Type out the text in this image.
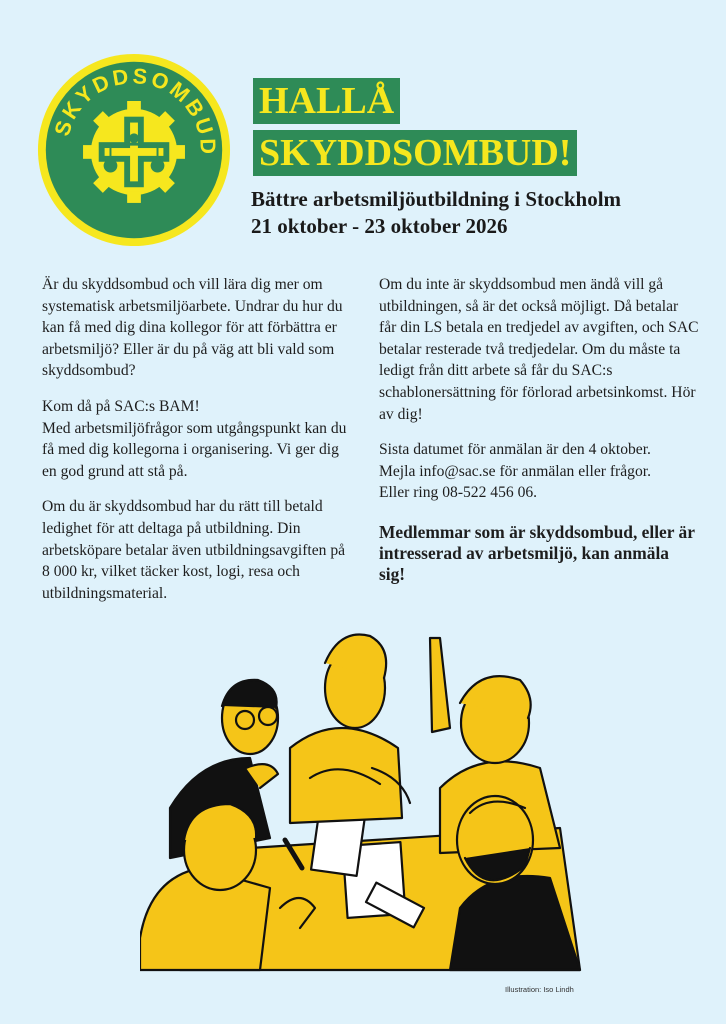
SKYDDSOMBUD
HALLÅ
SKYDDSOMBUD!
Bättre arbetsmiljöutbildning i Stockholm
21 oktober - 23 oktober 2026

Är du skyddsombud och vill lära dig mer om systematisk arbetsmiljöarbete. Undrar du hur du kan få med dig dina kollegor för att förbättra er arbetsmiljö? Eller är du på väg att bli vald som skyddsombud?

Kom då på SAC:s BAM!
Med arbetsmiljöfrågor som utgångspunkt kan du få med dig kollegorna i organisering. Vi ger dig en god grund att stå på.

Om du är skyddsombud har du rätt till betald ledighet för att deltaga på utbildning. Din arbetsköpare betalar även utbildningsavgiften på 8 000 kr, vilket täcker kost, logi, resa och utbildningsmaterial.

Om du inte är skyddsombud men ändå vill gå utbildningen, så är det också möjligt. Då betalar får din LS betala en tredjedel av avgiften, och SAC betalar resterade två tredjedelar. Om du måste ta ledigt från ditt arbete så får du SAC:s schablonersättning för förlorad arbetsinkomst. Hör av dig!

Sista datumet för anmälan är den 4 oktober.
Mejla info@sac.se för anmälan eller frågor.
Eller ring 08-522 456 06.

Medlemmar som är skyddsombud, eller är intresserad av arbetsmiljö, kan anmäla sig!

Illustration: Iso Lindh
